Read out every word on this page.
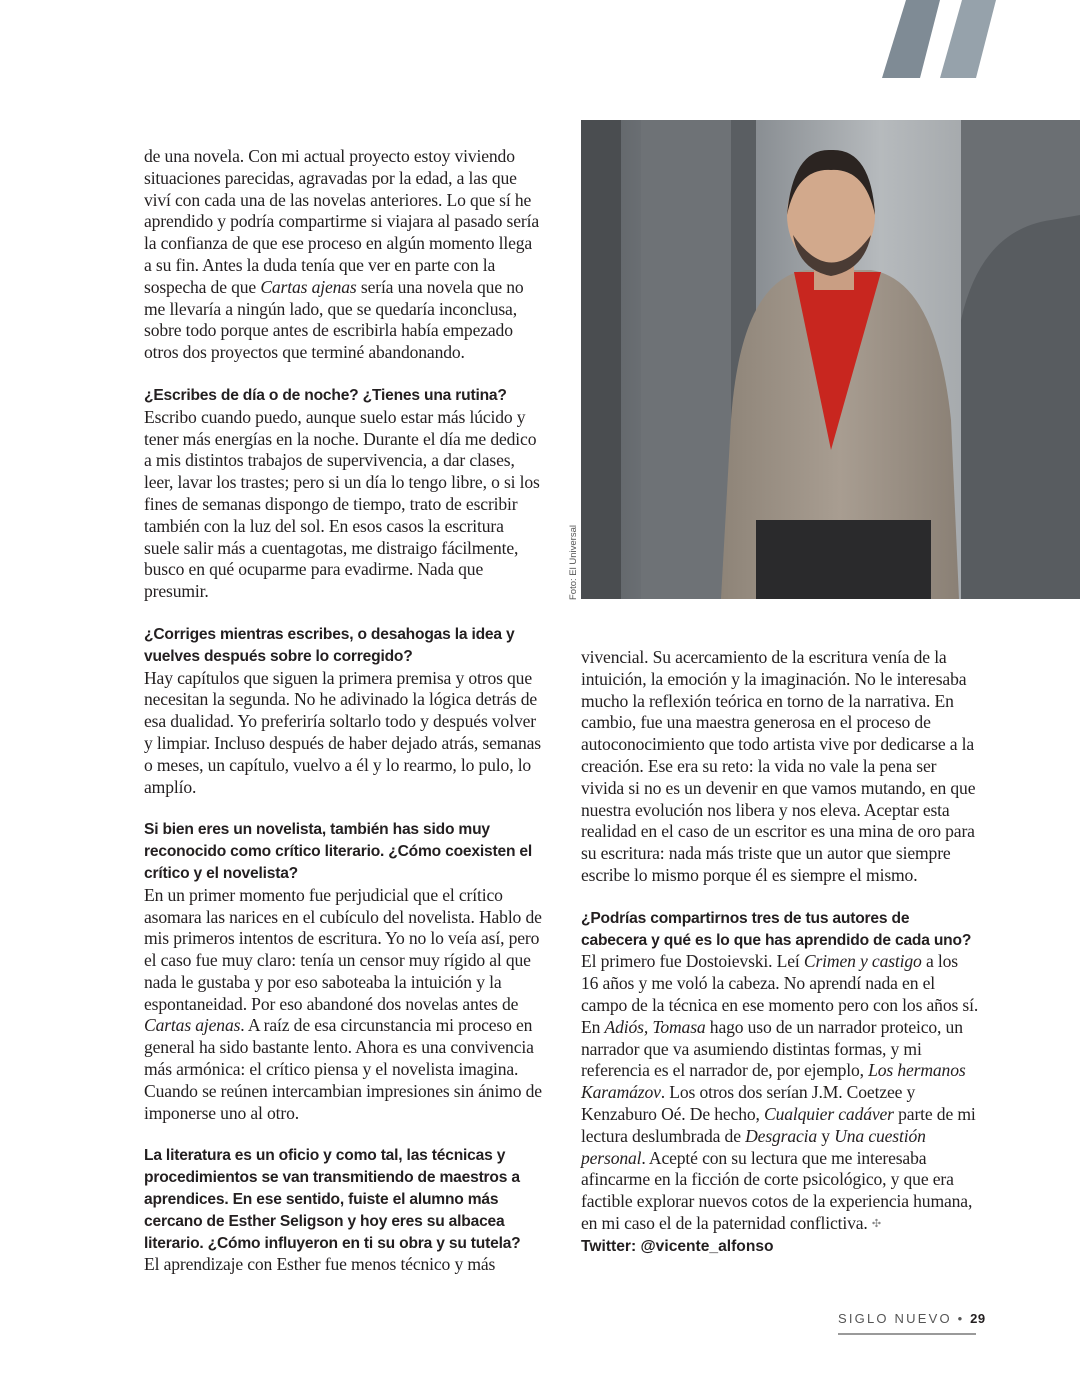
de una novela. Con mi actual proyecto estoy viviendo situaciones parecidas, agravadas por la edad, a las que viví con cada una de las novelas anteriores. Lo que sí he aprendido y podría compartirme si viajara al pasado sería la confianza de que ese proceso en algún momento llega a su fin. Antes la duda tenía que ver en parte con la sospecha de que Cartas ajenas sería una novela que no me llevaría a ningún lado, que se quedaría inconclusa, sobre todo porque antes de escribirla había empezado otros dos proyectos que terminé abandonando.

¿Escribes de día o de noche? ¿Tienes una rutina?

Escribo cuando puedo, aunque suelo estar más lúcido y tener más energías en la noche. Durante el día me dedico a mis distintos trabajos de supervivencia, a dar clases, leer, lavar los trastes; pero si un día lo tengo libre, o si los fines de semanas dispongo de tiempo, trato de escribir también con la luz del sol. En esos casos la escritura suele salir más a cuentagotas, me distraigo fácilmente, busco en qué ocuparme para evadirme. Nada que presumir.

¿Corriges mientras escribes, o desahogas la idea y vuelves después sobre lo corregido?

Hay capítulos que siguen la primera premisa y otros que necesitan la segunda. No he adivinado la lógica detrás de esa dualidad. Yo preferiría soltarlo todo y después volver y limpiar. Incluso después de haber dejado atrás, semanas o meses, un capítulo, vuelvo a él y lo rearmo, lo pulo, lo amplío.

Si bien eres un novelista, también has sido muy reconocido como crítico literario. ¿Cómo coexisten el crítico y el novelista?

En un primer momento fue perjudicial que el crítico asomara las narices en el cubículo del novelista. Hablo de mis primeros intentos de escritura. Yo no lo veía así, pero el caso fue muy claro: tenía un censor muy rígido al que nada le gustaba y por eso saboteaba la intuición y la espontaneidad. Por eso abandoné dos novelas antes de Cartas ajenas. A raíz de esa circunstancia mi proceso en general ha sido bastante lento. Ahora es una convivencia más armónica: el crítico piensa y el novelista imagina. Cuando se reúnen intercambian impresiones sin ánimo de imponerse uno al otro.

La literatura es un oficio y como tal, las técnicas y procedimientos se van transmitiendo de maestros a aprendices. En ese sentido, fuiste el alumno más cercano de Esther Seligson y hoy eres su albacea literario. ¿Cómo influyeron en ti su obra y su tutela?

El aprendizaje con Esther fue menos técnico y más

Foto: El Universal

vivencial. Su acercamiento de la escritura venía de la intuición, la emoción y la imaginación. No le interesaba mucho la reflexión teórica en torno de la narrativa. En cambio, fue una maestra generosa en el proceso de autoconocimiento que todo artista vive por dedicarse a la creación. Ese era su reto: la vida no vale la pena ser vivida si no es un devenir en que vamos mutando, en que nuestra evolución nos libera y nos eleva. Aceptar esta realidad en el caso de un escritor es una mina de oro para su escritura: nada más triste que un autor que siempre escribe lo mismo porque él es siempre el mismo.

¿Podrías compartirnos tres de tus autores de cabecera y qué es lo que has aprendido de cada uno?

El primero fue Dostoievski. Leí Crimen y castigo a los 16 años y me voló la cabeza. No aprendí nada en el campo de la técnica en ese momento pero con los años sí. En Adiós, Tomasa hago uso de un narrador proteico, un narrador que va asumiendo distintas formas, y mi referencia es el narrador de, por ejemplo, Los hermanos Karamázov. Los otros dos serían J.M. Coetzee y Kenzaburo Oé. De hecho, Cualquier cadáver parte de mi lectura deslumbrada de Desgracia y Una cuestión personal. Acepté con su lectura que me interesaba afincarme en la ficción de corte psicológico, y que era factible explorar nuevos cotos de la experiencia humana, en mi caso el de la paternidad conflictiva. ✣

Twitter: @vicente_alfonso

SIGLO NUEVO • 29
